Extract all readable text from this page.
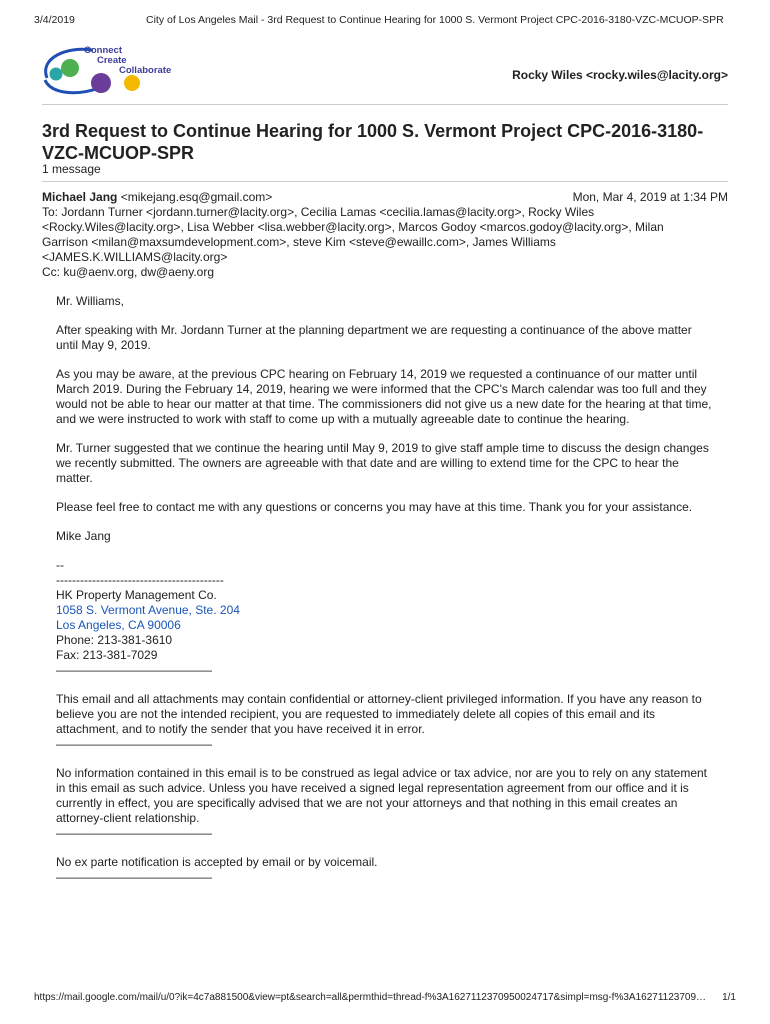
3/4/2019	City of Los Angeles Mail - 3rd Request to Continue Hearing for 1000 S. Vermont Project CPC-2016-3180-VZC-MCUOP-SPR
Connect
Create
Collaborate	Rocky Wiles <rocky.wiles@lacity.org>
3rd Request to Continue Hearing for 1000 S. Vermont Project CPC-2016-3180-VZC-MCUOP-SPR
1 message
Michael Jang <mikejang.esq@gmail.com>	Mon, Mar 4, 2019 at 1:34 PM
To: Jordann Turner <jordann.turner@lacity.org>, Cecilia Lamas <cecilia.lamas@lacity.org>, Rocky Wiles
<Rocky.Wiles@lacity.org>, Lisa Webber <lisa.webber@lacity.org>, Marcos Godoy <marcos.godoy@lacity.org>, Milan
Garrison <milan@maxsumdevelopment.com>, steve Kim <steve@ewaillc.com>, James Williams
<JAMES.K.WILLIAMS@lacity.org>
Cc: ku@aenv.org, dw@aeny.org

Mr. Williams,

After speaking with Mr. Jordann Turner at the planning department we are requesting a continuance of the above matter until May 9, 2019.

As you may be aware, at the previous CPC hearing on February 14, 2019 we requested a continuance of our matter until March 2019. During the February 14, 2019, hearing we were informed that the CPC's March calendar was too full and they would not be able to hear our matter at that time. The commissioners did not give us a new date for the hearing at that time, and we were instructed to work with staff to come up with a mutually agreeable date to continue the hearing.

Mr. Turner suggested that we continue the hearing until May 9, 2019 to give staff ample time to discuss the design changes we recently submitted. The owners are agreeable with that date and are willing to extend time for the CPC to hear the matter.

Please feel free to contact me with any questions or concerns you may have at this time. Thank you for your assistance.

Mike Jang

--
------------------------------------------
HK Property Management Co.
1058 S. Vermont Avenue, Ste. 204
Los Angeles, CA 90006
Phone: 213-381-3610
Fax: 213-381-7029
—————————————
This email and all attachments may contain confidential or attorney-client privileged information. If you have any reason to believe you are not the intended recipient, you are requested to immediately delete all copies of this email and its attachment, and to notify the sender that you have received it in error.
—————————————
No information contained in this email is to be construed as legal advice or tax advice, nor are you to rely on any statement in this email as such advice. Unless you have received a signed legal representation agreement from our office and it is currently in effect, you are specifically advised that we are not your attorneys and that nothing in this email creates an attorney-client relationship.
—————————————
No ex parte notification is accepted by email or by voicemail.
—————————————
https://mail.google.com/mail/u/0?ik=4c7a881500&view=pt&search=all&permthid=thread-f%3A1627112370950024717&simpl=msg-f%3A16271123709… 1/1
